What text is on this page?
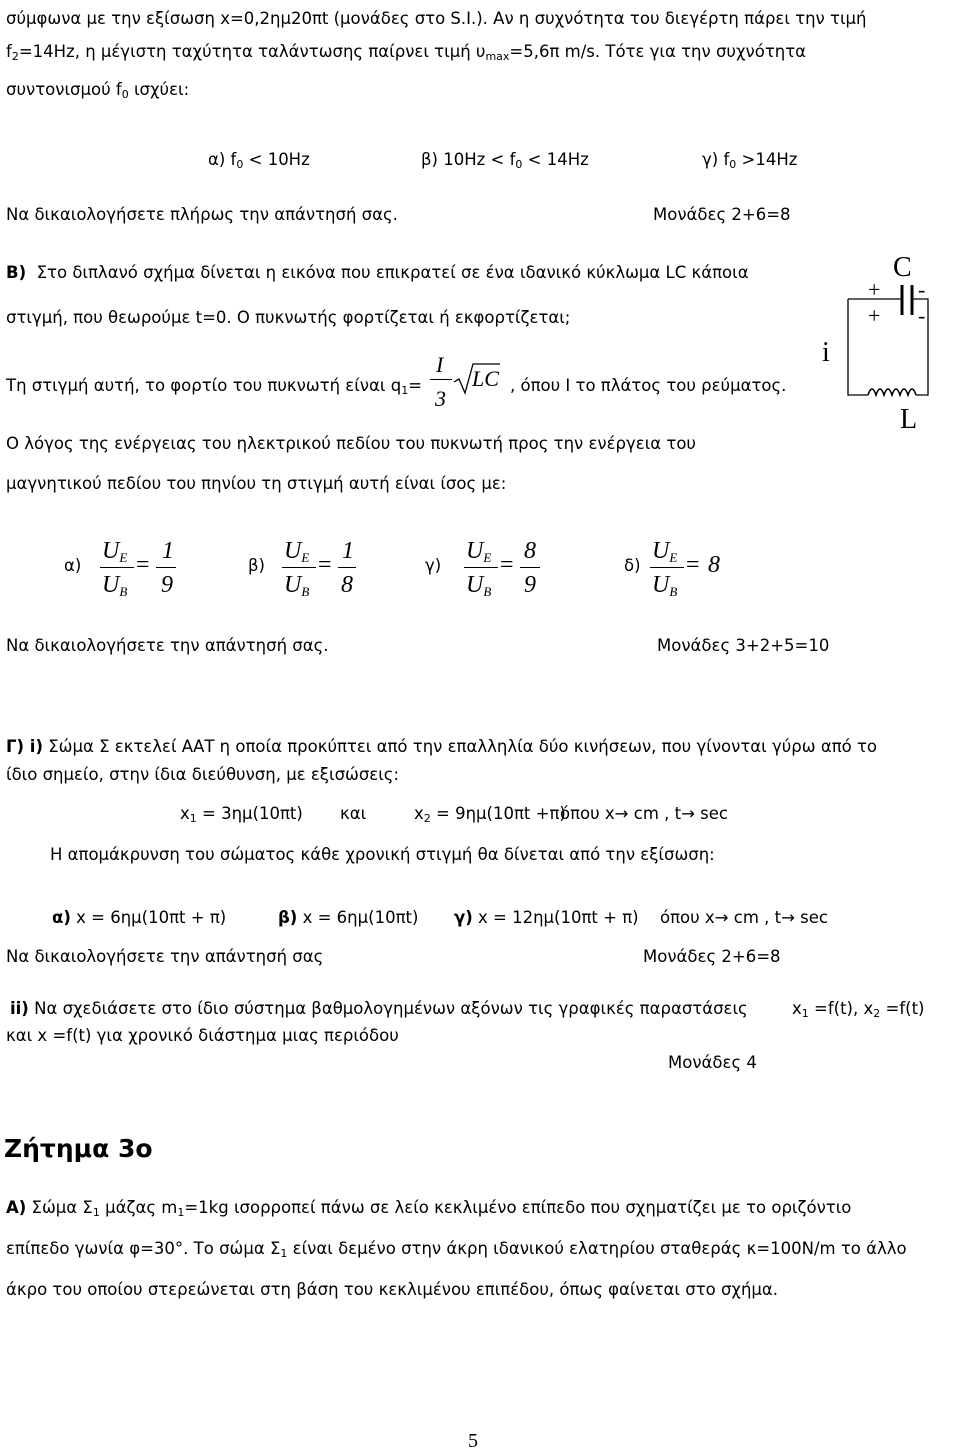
σύμφωνα με την εξίσωση x=0,2ημ20πt (μονάδες στο S.I.). Αν η συχνότητα του διεγέρτη πάρει την τιμή
$f_2=14Hz$, η μέγιστη ταχύτητα ταλάντωσης παίρνει τιμή $\upsilon_{max}=5,6\pi$ m/s. Τότε για την συχνότητα
συντονισμού $f_0$ ισχύει:
α) $f_0 < 10Hz$	β) $10Hz < f_0 < 14Hz$	γ) $f_0 >14Hz$
Να δικαιολογήσετε πλήρως την απάντησή σας.	Μονάδες 2+6=8
Β) Στο διπλανό σχήμα δίνεται η εικόνα που επικρατεί σε ένα ιδανικό κύκλωμα LC κάποια
στιγμή, που θεωρούμε t=0. Ο πυκνωτής φορτίζεται ή εκφορτίζεται;
Τη στιγμή αυτή, το φορτίο του πυκνωτή είναι $q_1=$
I
3
LC , όπου Ι το πλάτος του ρεύματος.
Ο λόγος της ενέργειας του ηλεκτρικού πεδίου του πυκνωτή προς την ενέργεια του
μαγνητικού πεδίου του πηνίου τη στιγμή αυτή είναι ίσος με:
C
L
i
+
+
-
-
α)
$U_E$
$U_B$
=
1
9
β)
$U_E$
$U_B$
=
1
8
γ)
$U_E$
$U_B$
=
8
9
δ)
$U_E$
$U_B$
= 8
Να δικαιολογήσετε την απάντησή σας.	Μονάδες 3+2+5=10
Γ) i) Σώμα Σ εκτελεί ΑΑΤ η οποία προκύπτει από την επαλληλία δύο κινήσεων, που γίνονται γύρω από το
ίδιο σημείο, στην ίδια διεύθυνση, με εξισώσεις:
$x_1 = 3\eta\mu(10\pi t)$ και	$x_2 = 9\eta\mu(10\pi t +\pi)$
όπου x→ cm , t→ sec
Η απομάκρυνση του σώματος κάθε χρονική στιγμή θα δίνεται από την εξίσωση:
α) x = 6ημ(10πt + π)	β) x = 6ημ(10πt) γ) x = 12ημ(10πt + π) όπου x→ cm , t→ sec
Να δικαιολογήσετε την απάντησή σας	Μονάδες 2+6=8
ii) Να σχεδιάσετε στο ίδιο σύστημα βαθμολογημένων αξόνων τις γραφικές παραστάσεις	$x_1 =f(t)$, $x_2 =f(t)$
και x =f(t) για χρονικό διάστημα μιας περιόδου
Μονάδες 4
Ζήτημα 3ο
Α) Σώμα $\Sigma_1$ μάζας $m_1=1kg$ ισορροπεί πάνω σε λείο κεκλιμένο επίπεδο που σχηματίζει με το οριζόντιο
επίπεδο γωνία φ=30°. Το σώμα $\Sigma_1$ είναι δεμένο στην άκρη ιδανικού ελατηρίου σταθεράς κ=100Ν/m το άλλο
άκρο του οποίου στερεώνεται στη βάση του κεκλιμένου επιπέδου, όπως φαίνεται στο σχήμα.
5
